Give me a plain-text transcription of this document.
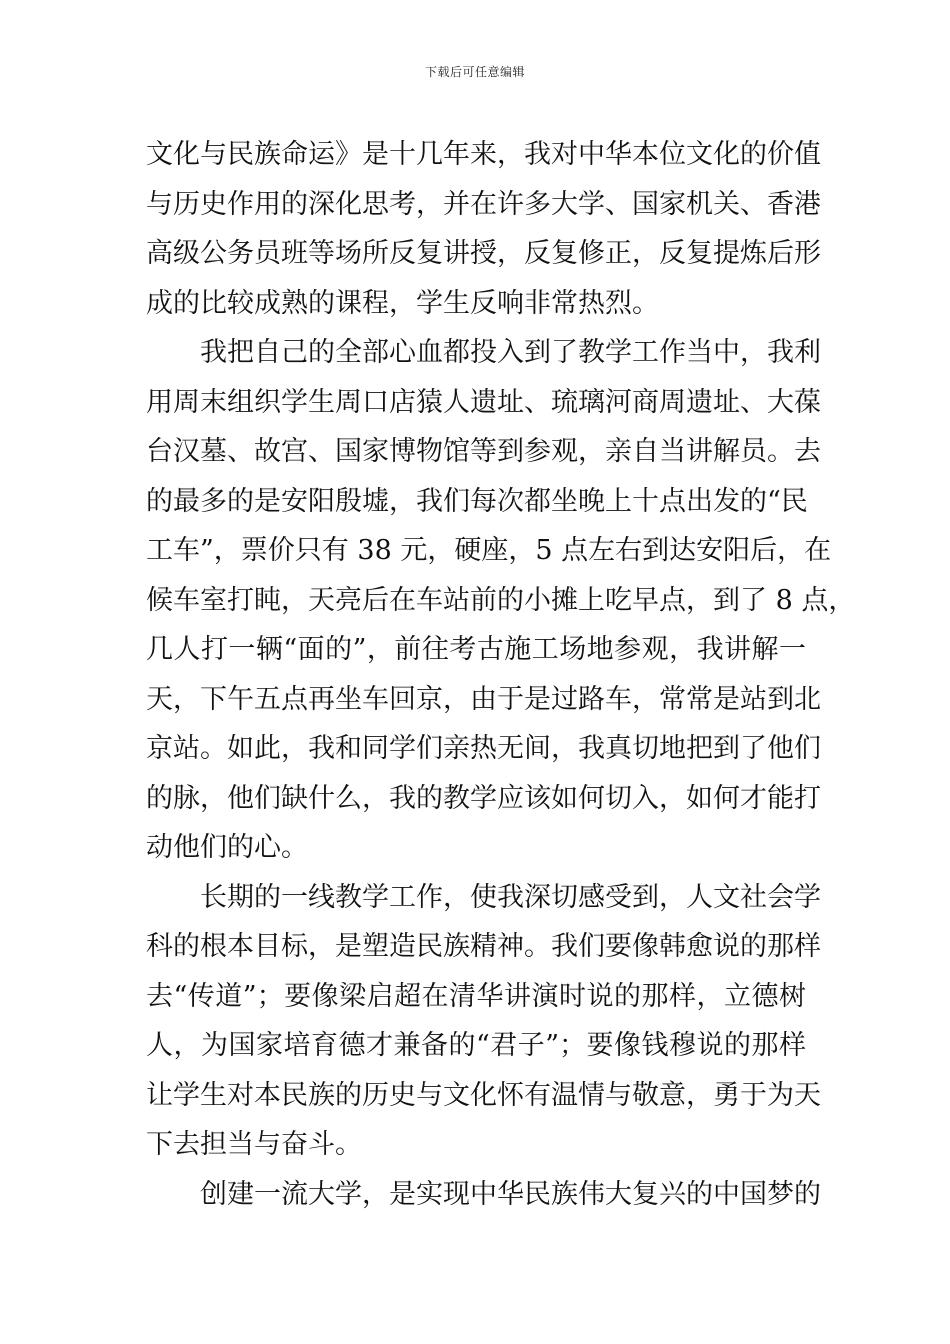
下载后可任意编辑
文化与民族命运》是十几年来，我对中华本位文化的价值
与历史作用的深化思考，并在许多大学、国家机关、香港
高级公务员班等场所反复讲授，反复修正，反复提炼后形
成的比较成熟的课程，学生反响非常热烈。
我把自己的全部心血都投入到了教学工作当中，我利
用周末组织学生周口店猿人遗址、琉璃河商周遗址、大葆
台汉墓、故宫、国家博物馆等到参观，亲自当讲解员。去
的最多的是安阳殷墟，我们每次都坐晚上十点出发的“民
工车”，票价只有 38 元，硬座，5 点左右到达安阳后，在
候车室打盹，天亮后在车站前的小摊上吃早点，到了 8 点，
几人打一辆“面的”，前往考古施工场地参观，我讲解一
天，下午五点再坐车回京，由于是过路车，常常是站到北
京站。如此，我和同学们亲热无间，我真切地把到了他们
的脉，他们缺什么，我的教学应该如何切入，如何才能打
动他们的心。
长期的一线教学工作，使我深切感受到，人文社会学
科的根本目标，是塑造民族精神。我们要像韩愈说的那样
去“传道”；要像梁启超在清华讲演时说的那样，立德树
人，为国家培育德才兼备的“君子”；要像钱穆说的那样
让学生对本民族的历史与文化怀有温情与敬意，勇于为天
下去担当与奋斗。
创建一流大学，是实现中华民族伟大复兴的中国梦的
